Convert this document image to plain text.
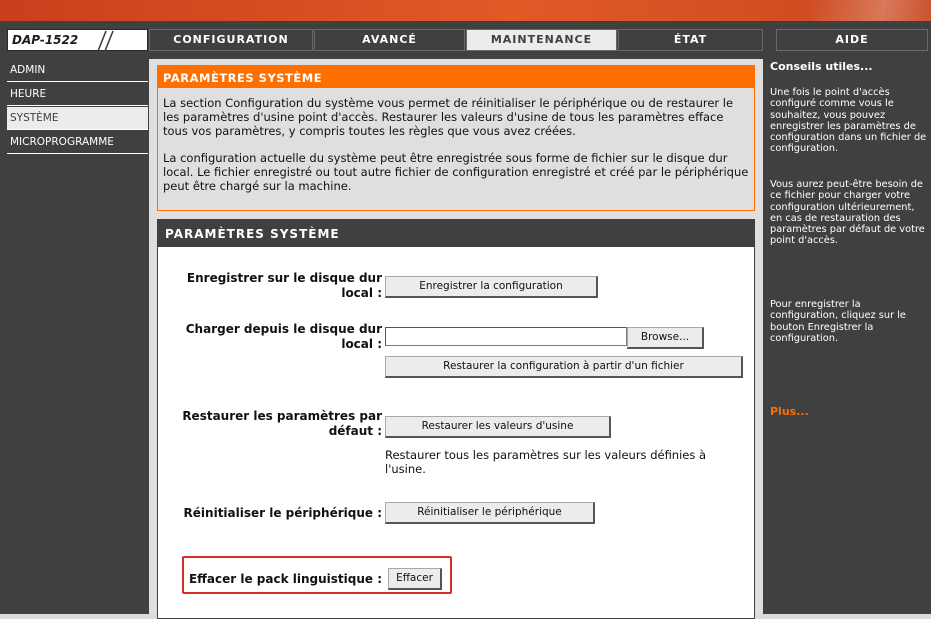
DAP-1522	CONFIGURATION	AVANCÉ	MAINTENANCE	ÉTAT	AIDE
ADMIN
HEURE
SYSTÈME
MICROPROGRAMME
PARAMÈTRES SYSTÈME

La section Configuration du système vous permet de réinitialiser le périphérique ou de restaurer le les paramètres d'usine point d'accès. Restaurer les valeurs d'usine de tous les paramètres efface tous vos paramètres, y compris toutes les règles que vous avez créées.

La configuration actuelle du système peut être enregistrée sous forme de fichier sur le disque dur local. Le fichier enregistré ou tout autre fichier de configuration enregistré et créé par le périphérique peut être chargé sur la machine.

PARAMÈTRES SYSTÈME
Enregistrer sur le disque dur local :	Enregistrer la configuration
Charger depuis le disque dur local :	Browse...
Restaurer la configuration à partir d'un fichier
Restaurer les paramètres par défaut :	Restaurer les valeurs d'usine
Restaurer tous les paramètres sur les valeurs définies à l'usine.
Réinitialiser le périphérique :	Réinitialiser le périphérique
Effacer le pack linguistique :	Effacer
Conseils utiles...

Une fois le point d'accès configuré comme vous le souhaitez, vous pouvez enregistrer les paramètres de configuration dans un fichier de configuration.

Vous aurez peut-être besoin de ce fichier pour charger votre configuration ultérieurement, en cas de restauration des paramètres par défaut de votre point d'accès.

Pour enregistrer la configuration, cliquez sur le bouton Enregistrer la configuration.

Plus...
